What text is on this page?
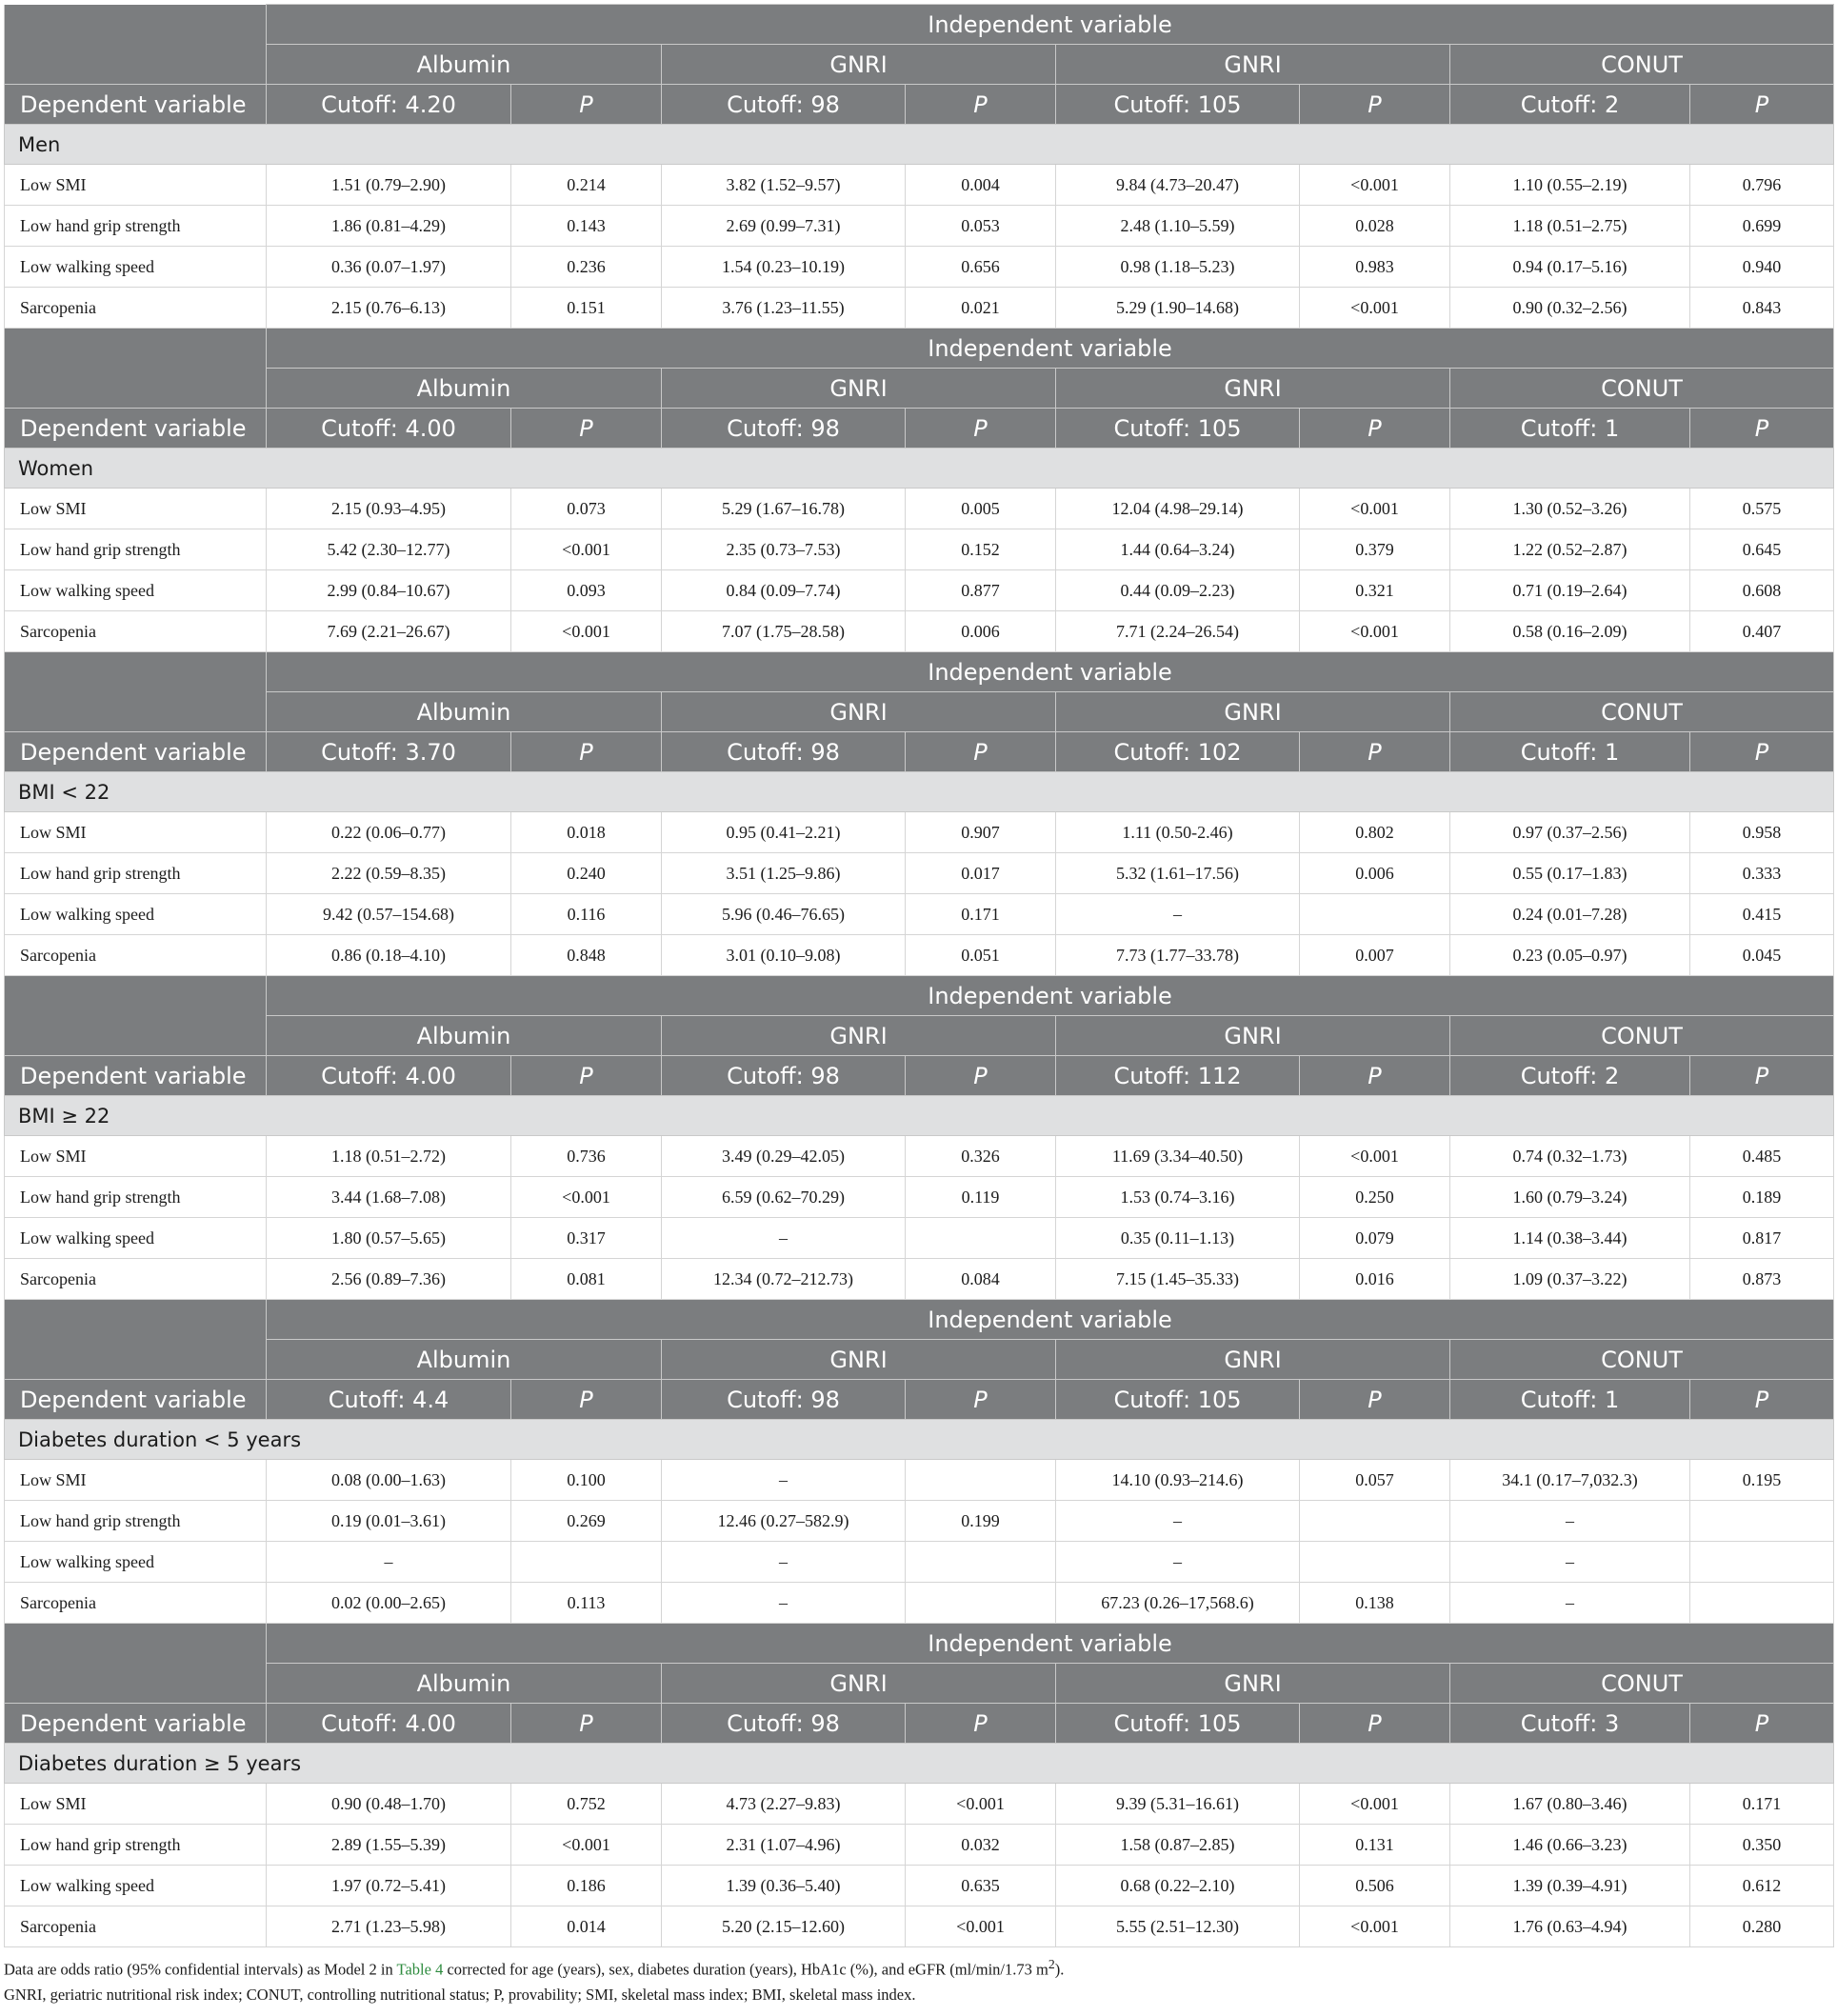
	Independent variable							
	Albumin		GNRI		GNRI		CONUT	
Dependent variable	Cutoff: 4.20	P	Cutoff: 98	P	Cutoff: 105	P	Cutoff: 2	P
Men								
Low SMI	1.51 (0.79–2.90)	0.214	3.82 (1.52–9.57)	0.004	9.84 (4.73–20.47)	<0.001	1.10 (0.55–2.19)	0.796
Low hand grip strength	1.86 (0.81–4.29)	0.143	2.69 (0.99–7.31)	0.053	2.48 (1.10–5.59)	0.028	1.18 (0.51–2.75)	0.699
Low walking speed	0.36 (0.07–1.97)	0.236	1.54 (0.23–10.19)	0.656	0.98 (1.18–5.23)	0.983	0.94 (0.17–5.16)	0.940
Sarcopenia	2.15 (0.76–6.13)	0.151	3.76 (1.23–11.55)	0.021	5.29 (1.90–14.68)	<0.001	0.90 (0.32–2.56)	0.843
	Independent variable							
	Albumin		GNRI		GNRI		CONUT	
Dependent variable	Cutoff: 4.00	P	Cutoff: 98	P	Cutoff: 105	P	Cutoff: 1	P
Women								
Low SMI	2.15 (0.93–4.95)	0.073	5.29 (1.67–16.78)	0.005	12.04 (4.98–29.14)	<0.001	1.30 (0.52–3.26)	0.575
Low hand grip strength	5.42 (2.30–12.77)	<0.001	2.35 (0.73–7.53)	0.152	1.44 (0.64–3.24)	0.379	1.22 (0.52–2.87)	0.645
Low walking speed	2.99 (0.84–10.67)	0.093	0.84 (0.09–7.74)	0.877	0.44 (0.09–2.23)	0.321	0.71 (0.19–2.64)	0.608
Sarcopenia	7.69 (2.21–26.67)	<0.001	7.07 (1.75–28.58)	0.006	7.71 (2.24–26.54)	<0.001	0.58 (0.16–2.09)	0.407
	Independent variable							
	Albumin		GNRI		GNRI		CONUT	
Dependent variable	Cutoff: 3.70	P	Cutoff: 98	P	Cutoff: 102	P	Cutoff: 1	P
BMI < 22								
Low SMI	0.22 (0.06–0.77)	0.018	0.95 (0.41–2.21)	0.907	1.11 (0.50-2.46)	0.802	0.97 (0.37–2.56)	0.958
Low hand grip strength	2.22 (0.59–8.35)	0.240	3.51 (1.25–9.86)	0.017	5.32 (1.61–17.56)	0.006	0.55 (0.17–1.83)	0.333
Low walking speed	9.42 (0.57–154.68)	0.116	5.96 (0.46–76.65)	0.171	–		0.24 (0.01–7.28)	0.415
Sarcopenia	0.86 (0.18–4.10)	0.848	3.01 (0.10–9.08)	0.051	7.73 (1.77–33.78)	0.007	0.23 (0.05–0.97)	0.045
	Independent variable							
	Albumin		GNRI		GNRI		CONUT	
Dependent variable	Cutoff: 4.00	P	Cutoff: 98	P	Cutoff: 112	P	Cutoff: 2	P
BMI ≥ 22								
Low SMI	1.18 (0.51–2.72)	0.736	3.49 (0.29–42.05)	0.326	11.69 (3.34–40.50)	<0.001	0.74 (0.32–1.73)	0.485
Low hand grip strength	3.44 (1.68–7.08)	<0.001	6.59 (0.62–70.29)	0.119	1.53 (0.74–3.16)	0.250	1.60 (0.79–3.24)	0.189
Low walking speed	1.80 (0.57–5.65)	0.317	–		0.35 (0.11–1.13)	0.079	1.14 (0.38–3.44)	0.817
Sarcopenia	2.56 (0.89–7.36)	0.081	12.34 (0.72–212.73)	0.084	7.15 (1.45–35.33)	0.016	1.09 (0.37–3.22)	0.873
	Independent variable							
	Albumin		GNRI		GNRI		CONUT	
Dependent variable	Cutoff: 4.4	P	Cutoff: 98	P	Cutoff: 105	P	Cutoff: 1	P
Diabetes duration < 5 years								
Low SMI	0.08 (0.00–1.63)	0.100	–		14.10 (0.93–214.6)	0.057	34.1 (0.17–7,032.3)	0.195
Low hand grip strength	0.19 (0.01–3.61)	0.269	12.46 (0.27–582.9)	0.199	–		–	
Low walking speed	–		–		–		–	
Sarcopenia	0.02 (0.00–2.65)	0.113	–		67.23 (0.26–17,568.6)	0.138	–	
	Independent variable							
	Albumin		GNRI		GNRI		CONUT	
Dependent variable	Cutoff: 4.00	P	Cutoff: 98	P	Cutoff: 105	P	Cutoff: 3	P
Diabetes duration ≥ 5 years								
Low SMI	0.90 (0.48–1.70)	0.752	4.73 (2.27–9.83)	<0.001	9.39 (5.31–16.61)	<0.001	1.67 (0.80–3.46)	0.171
Low hand grip strength	2.89 (1.55–5.39)	<0.001	2.31 (1.07–4.96)	0.032	1.58 (0.87–2.85)	0.131	1.46 (0.66–3.23)	0.350
Low walking speed	1.97 (0.72–5.41)	0.186	1.39 (0.36–5.40)	0.635	0.68 (0.22–2.10)	0.506	1.39 (0.39–4.91)	0.612
Sarcopenia	2.71 (1.23–5.98)	0.014	5.20 (2.15–12.60)	<0.001	5.55 (2.51–12.30)	<0.001	1.76 (0.63–4.94)	0.280
Data are odds ratio (95% confidential intervals) as Model 2 in Table 4 corrected for age (years), sex, diabetes duration (years), HbA1c (%), and eGFR (ml/min/1.73 $m^2$).
GNRI, geriatric nutritional risk index; CONUT, controlling nutritional status; P, provability; SMI, skeletal mass index; BMI, skeletal mass index.
